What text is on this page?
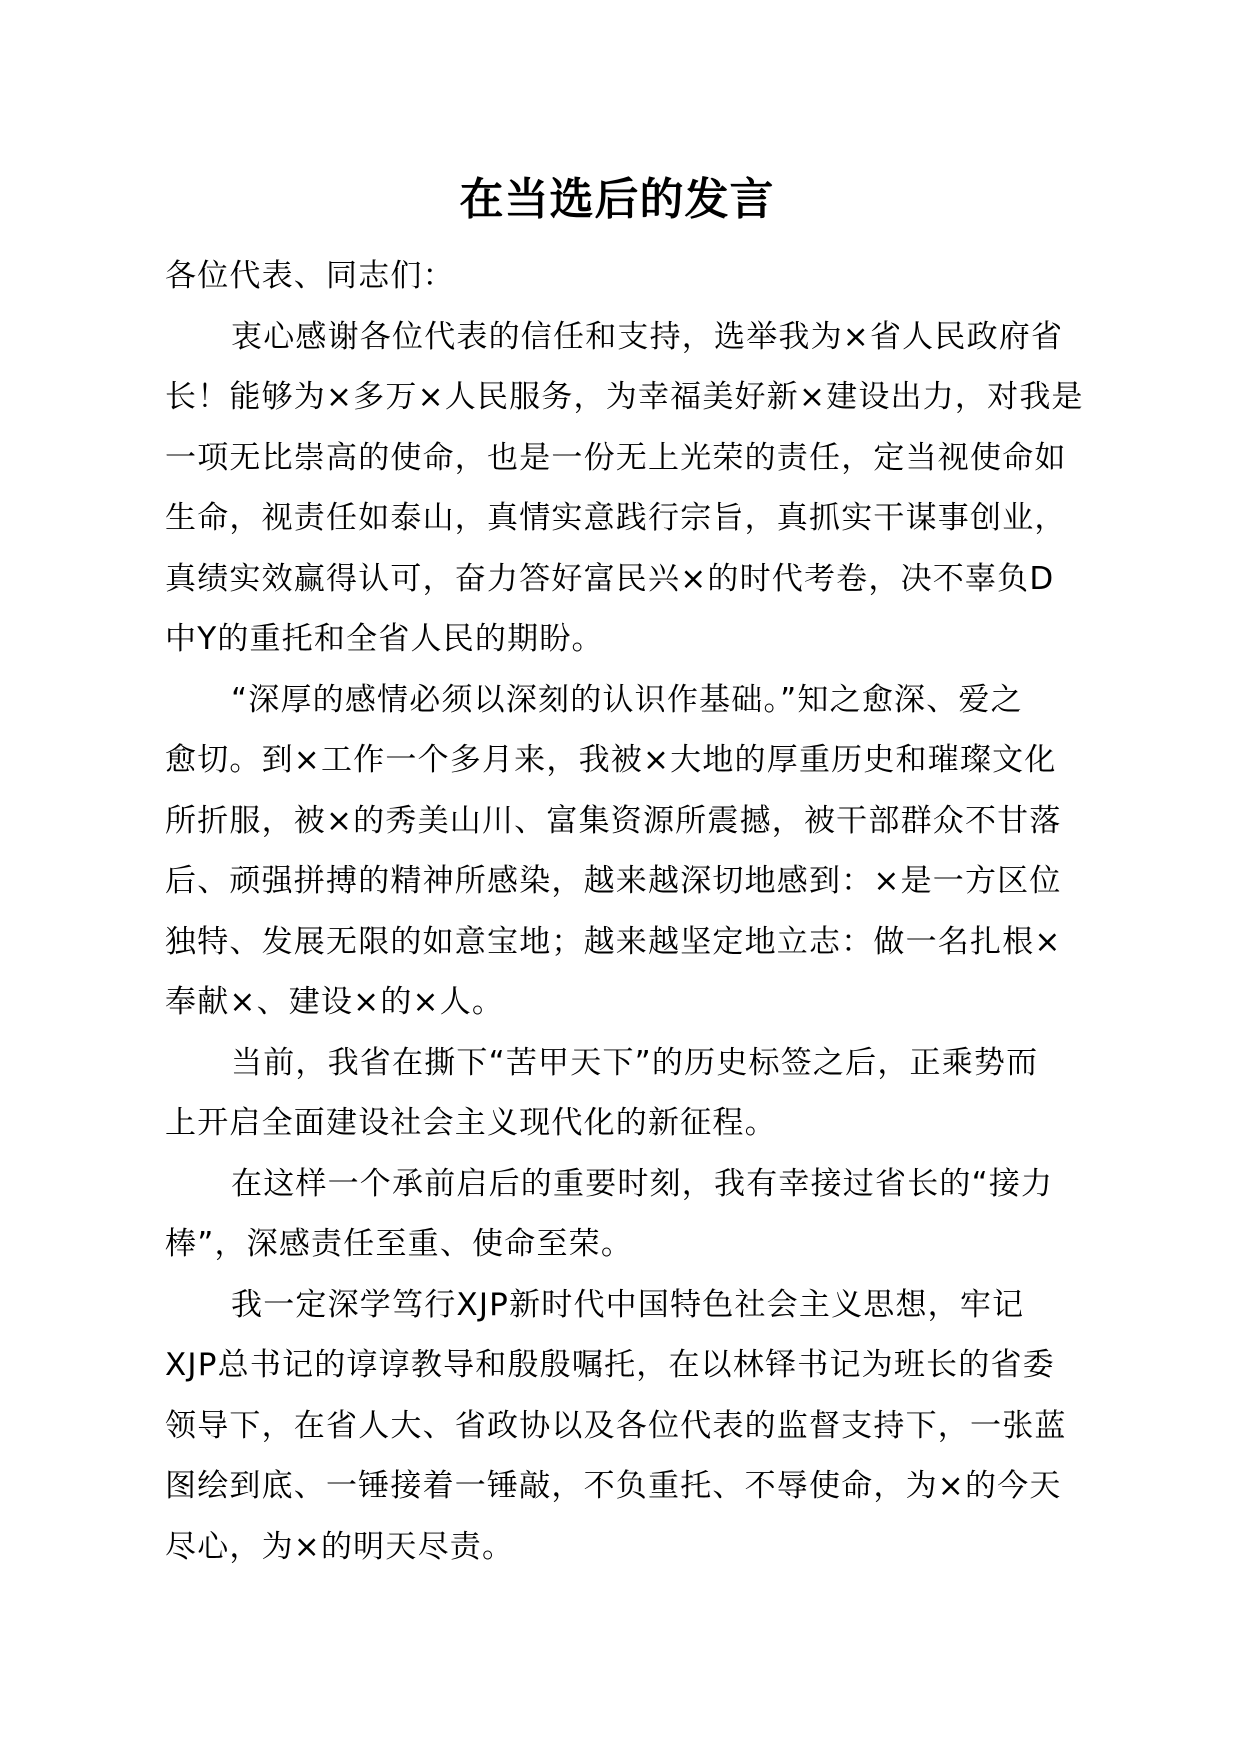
在当选后的发言
各位代表、同志们：
衷心感谢各位代表的信任和支持，选举我为×省人民政府省
长！能够为×多万×人民服务，为幸福美好新×建设出力，对我是
一项无比崇高的使命，也是一份无上光荣的责任，定当视使命如
生命，视责任如泰山，真情实意践行宗旨，真抓实干谋事创业，
真绩实效赢得认可，奋力答好富民兴×的时代考卷，决不辜负D
中Y的重托和全省人民的期盼。
“深厚的感情必须以深刻的认识作基础。”知之愈深、爱之
愈切。到×工作一个多月来，我被×大地的厚重历史和璀璨文化
所折服，被×的秀美山川、富集资源所震撼，被干部群众不甘落
后、顽强拼搏的精神所感染，越来越深切地感到：×是一方区位
独特、发展无限的如意宝地；越来越坚定地立志：做一名扎根×
奉献×、建设×的×人。
当前，我省在撕下“苦甲天下”的历史标签之后，正乘势而
上开启全面建设社会主义现代化的新征程。
在这样一个承前启后的重要时刻，我有幸接过省长的“接力
棒”，深感责任至重、使命至荣。
我一定深学笃行XJP新时代中国特色社会主义思想，牢记
XJP总书记的谆谆教导和殷殷嘱托，在以林铎书记为班长的省委
领导下，在省人大、省政协以及各位代表的监督支持下，一张蓝
图绘到底、一锤接着一锤敲，不负重托、不辱使命，为×的今天
尽心，为×的明天尽责。
